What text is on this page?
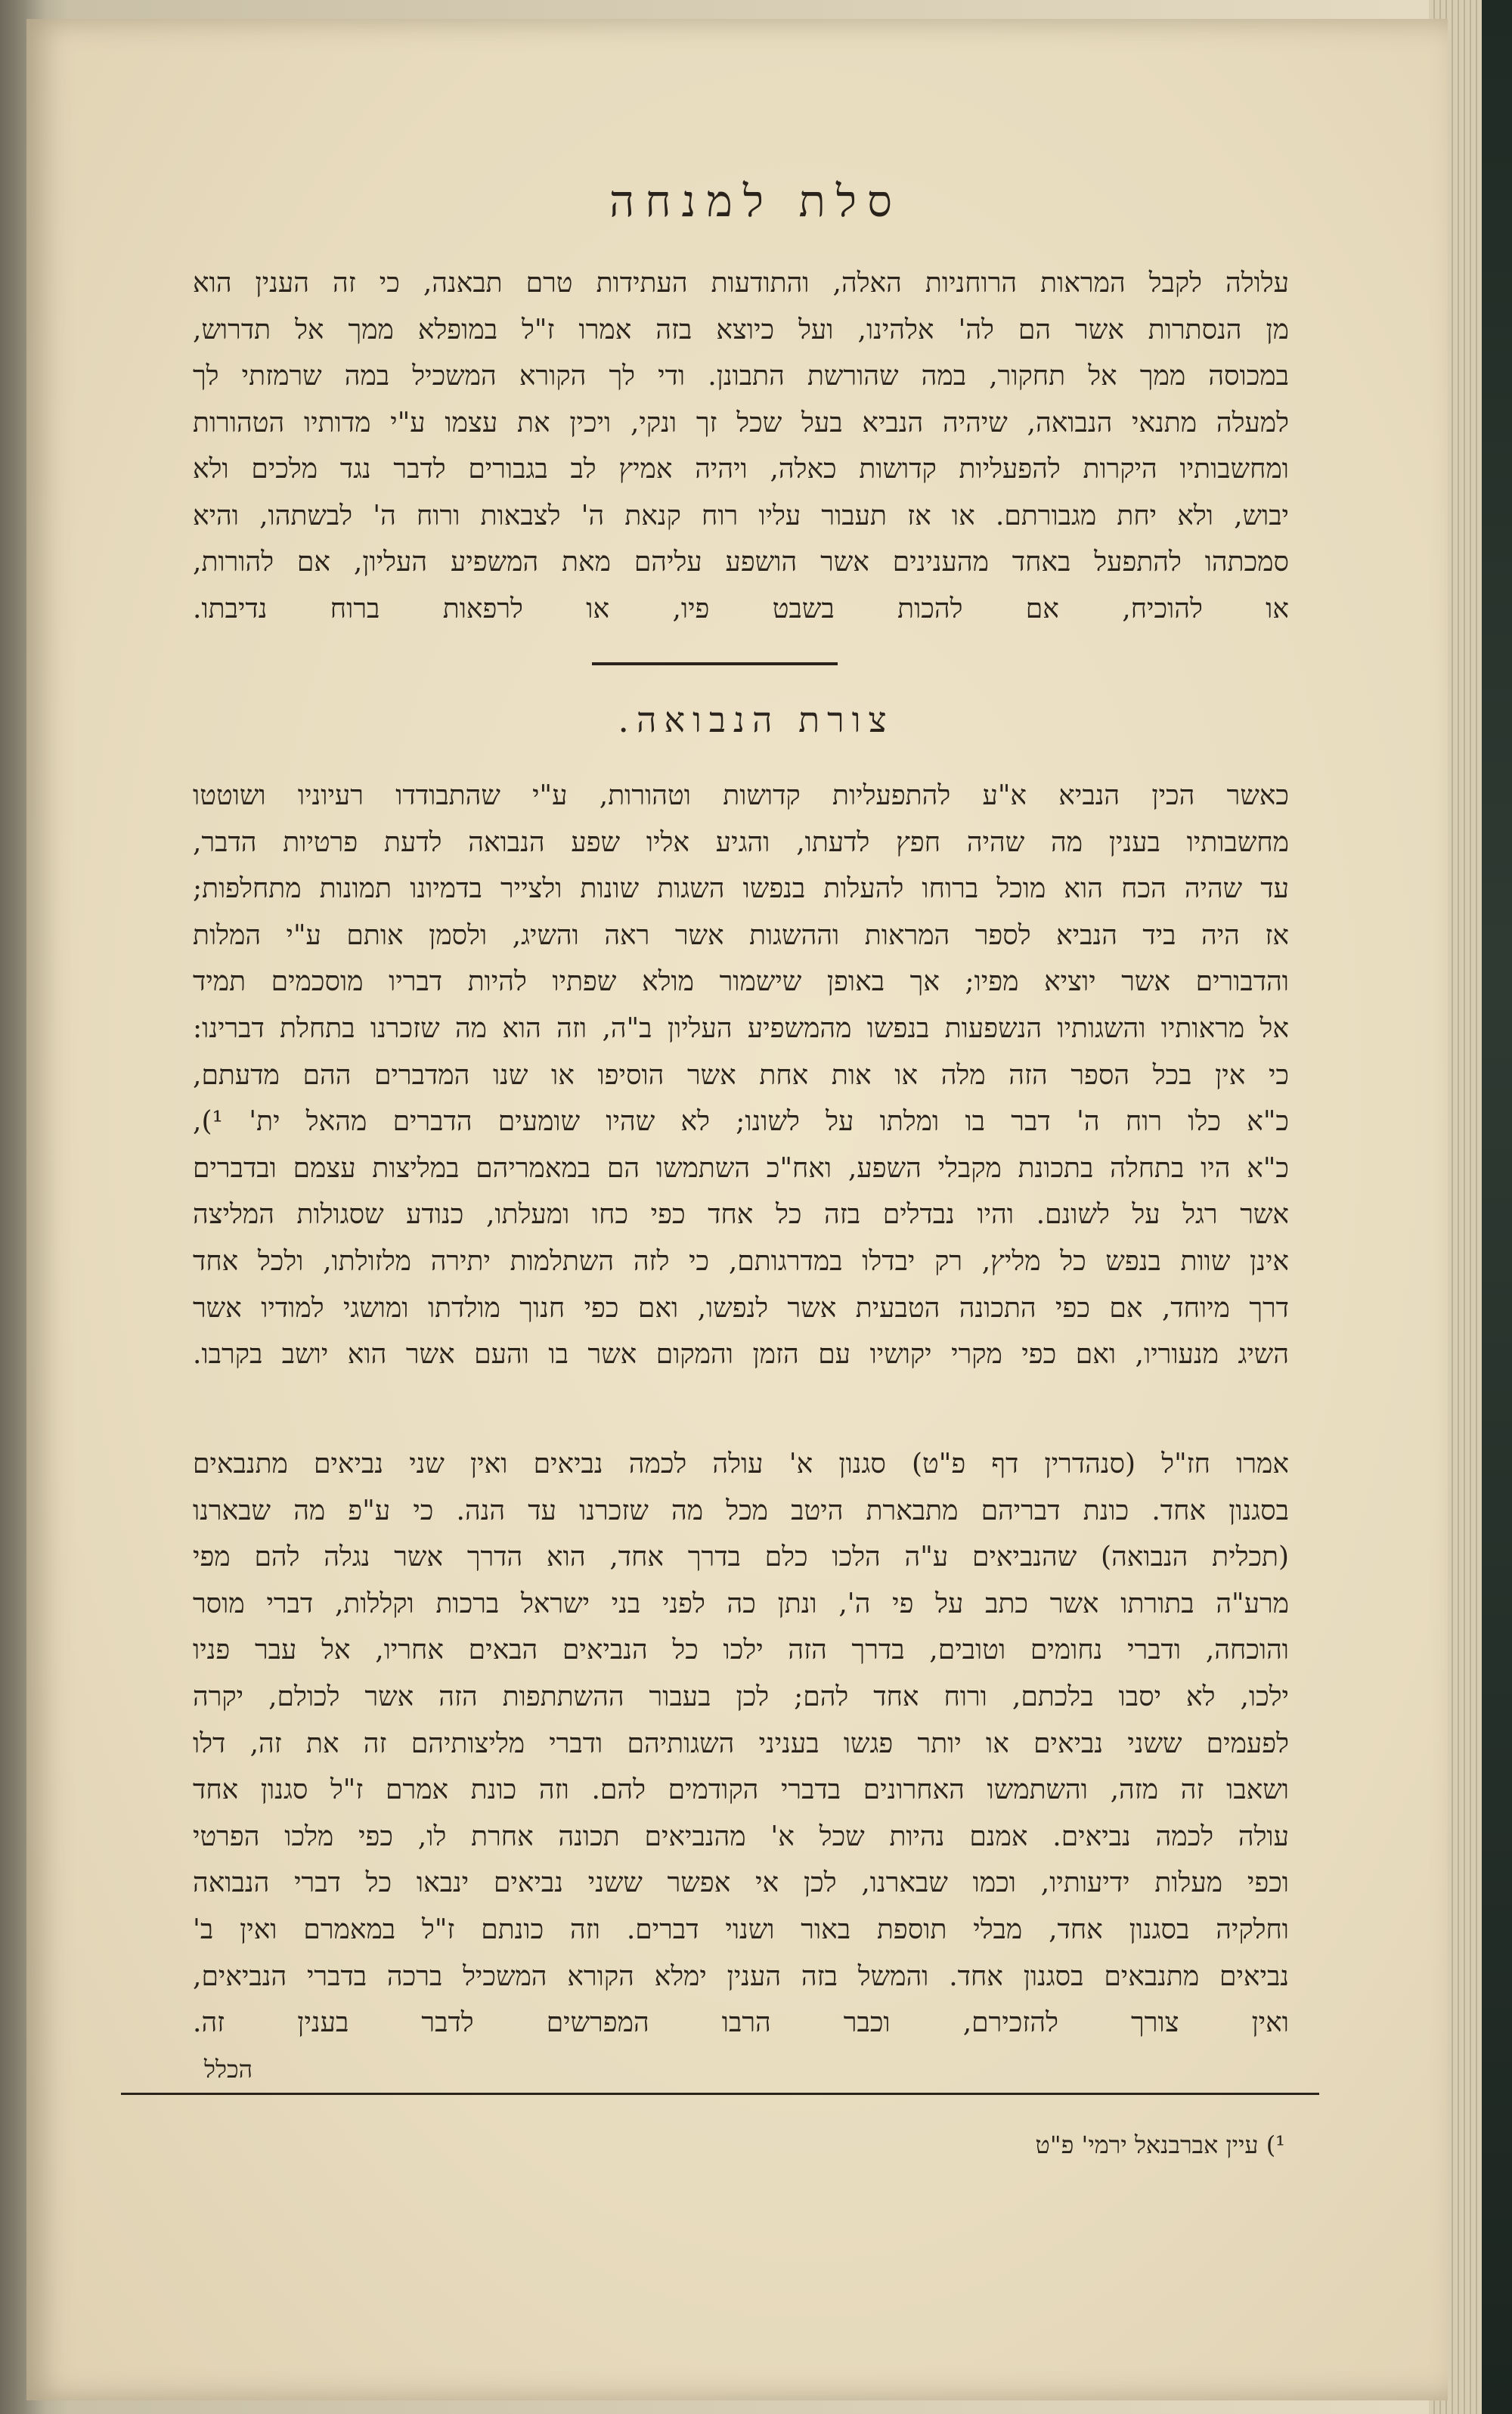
סלת למנחה
עלולה לקבל המראות הרוחניות האלה, והתודעות העתידות טרם תבאנה, כי זה הענין הוא
מן הנסתרות אשר הם לה' אלהינו, ועל כיוצא בזה אמרו ז"ל במופלא ממך אל תדרוש,
במכוסה ממך אל תחקור, במה שהורשת התבונן. ודי לך הקורא המשכיל במה שרמזתי לך
למעלה מתנאי הנבואה, שיהיה הנביא בעל שכל זך ונקי, ויכין את עצמו ע"י מדותיו הטהורות
ומחשבותיו היקרות להפעליות קדושות כאלה, ויהיה אמיץ לב בגבורים לדבר נגד מלכים ולא
יבוש, ולא יחת מגבורתם. או אז תעבור עליו רוח קנאת ה' לצבאות ורוח ה' לבשתהו, והיא
סמכתהו להתפעל באחד מהענינים אשר הושפע עליהם מאת המשפיע העליון, אם להורות,
או להוכיח, אם להכות בשבט פיו, או לרפאות ברוח נדיבתו.
צורת הנבואה.
כאשר הכין הנביא א"ע להתפעליות קדושות וטהורות, ע"י שהתבודדו רעיוניו ושוטטו
מחשבותיו בענין מה שהיה חפץ לדעתו, והגיע אליו שפע הנבואה לדעת פרטיות הדבר,
עד שהיה הכח הוא מוכל ברוחו להעלות בנפשו השגות שונות ולצייר בדמיונו תמונות מתחלפות;
אז היה ביד הנביא לספר המראות וההשגות אשר ראה והשיג, ולסמן אותם ע"י המלות
והדבורים אשר יוציא מפיו; אך באופן שישמור מולא שפתיו להיות דבריו מוסכמים תמיד
אל מראותיו והשגותיו הנשפעות בנפשו מהמשפיע העליון ב"ה, וזה הוא מה שזכרנו בתחלת דברינו:
כי אין בכל הספר הזה מלה או אות אחת אשר הוסיפו או שנו המדברים ההם מדעתם,
כ"א כלו רוח ה' דבר בו ומלתו על לשונו; לא שהיו שומעים הדברים מהאל ית' ¹),
כ"א היו בתחלה בתכונת מקבלי השפע, ואח"כ השתמשו הם במאמריהם במליצות עצמם ובדברים
אשר רגל על לשונם. והיו נבדלים בזה כל אחד כפי כחו ומעלתו, כנודע שסגולות המליצה
אינן שוות בנפש כל מליץ, רק יבדלו במדרגותם, כי לזה השתלמות יתירה מלזולתו, ולכל אחד
דרך מיוחד, אם כפי התכונה הטבעית אשר לנפשו, ואם כפי חנוך מולדתו ומושגי למודיו אשר
השיג מנעוריו, ואם כפי מקרי יקושיו עם הזמן והמקום אשר בו והעם אשר הוא יושב בקרבו.
אמרו חז"ל (סנהדרין דף פ"ט) סגנון א' עולה לכמה נביאים ואין שני נביאים מתנבאים
בסגנון אחד. כונת דבריהם מתבארת היטב מכל מה שזכרנו עד הנה. כי ע"פ מה שבארנו
(תכלית הנבואה) שהנביאים ע"ה הלכו כלם בדרך אחד, הוא הדרך אשר נגלה להם מפי
מרע"ה בתורתו אשר כתב על פי ה', ונתן כה לפני בני ישראל ברכות וקללות, דברי מוסר
והוכחה, ודברי נחומים וטובים, בדרך הזה ילכו כל הנביאים הבאים אחריו, אל עבר פניו
ילכו, לא יסבו בלכתם, ורוח אחד להם; לכן בעבור ההשתתפות הזה אשר לכולם, יקרה
לפעמים ששני נביאים או יותר פגשו בעניני השגותיהם ודברי מליצותיהם זה את זה, דלו
ושאבו זה מזה, והשתמשו האחרונים בדברי הקודמים להם. וזה כונת אמרם ז"ל סגנון אחד
עולה לכמה נביאים. אמנם נהיות שכל א' מהנביאים תכונה אחרת לו, כפי מלכו הפרטי
וכפי מעלות ידיעותיו, וכמו שבארנו, לכן אי אפשר ששני נביאים ינבאו כל דברי הנבואה
וחלקיה בסגנון אחד, מבלי תוספת באור ושנוי דברים. וזה כונתם ז"ל במאמרם ואין ב'
נביאים מתנבאים בסגנון אחד. והמשל בזה הענין ימלא הקורא המשכיל ברכה בדברי הנביאים,
ואין צורך להזכירם, וכבר הרבו המפרשים לדבר בענין זה.
הכלל
¹) עיין אברבנאל ירמי' פ"ט
